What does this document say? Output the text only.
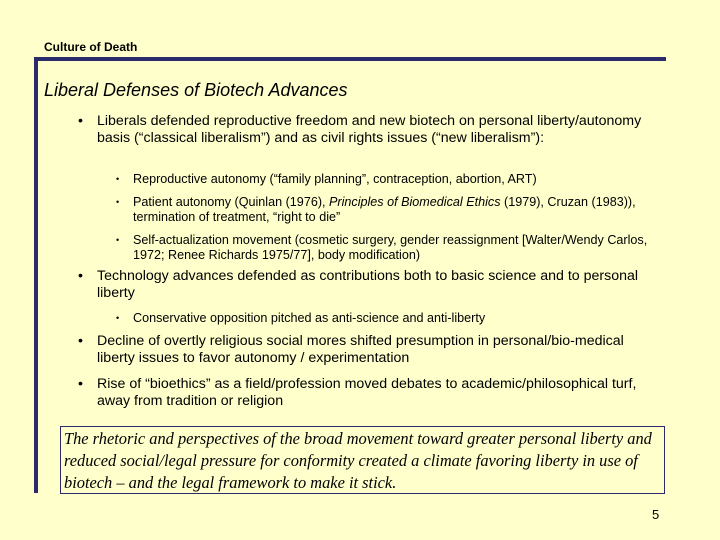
Culture of Death
Liberal Defenses of Biotech Advances
• Liberals defended reproductive freedom and new biotech on personal liberty/autonomy basis (“classical liberalism”) and as civil rights issues (“new liberalism”):
• Reproductive autonomy (“family planning”, contraception, abortion, ART)
• Patient autonomy (Quinlan (1976), Principles of Biomedical Ethics (1979), Cruzan (1983)), termination of treatment, “right to die”
• Self-actualization movement (cosmetic surgery, gender reassignment [Walter/Wendy Carlos, 1972; Renee Richards 1975/77], body modification)
• Technology advances defended as contributions both to basic science and to personal liberty
• Conservative opposition pitched as anti-science and anti-liberty
• Decline of overtly religious social mores shifted presumption in personal/bio-medical liberty issues to favor autonomy / experimentation
• Rise of “bioethics” as a field/profession moved debates to academic/philosophical turf, away from tradition or religion
The rhetoric and perspectives of the broad movement toward greater personal liberty and reduced social/legal pressure for conformity created a climate favoring liberty in use of biotech – and the legal framework to make it stick.
5
